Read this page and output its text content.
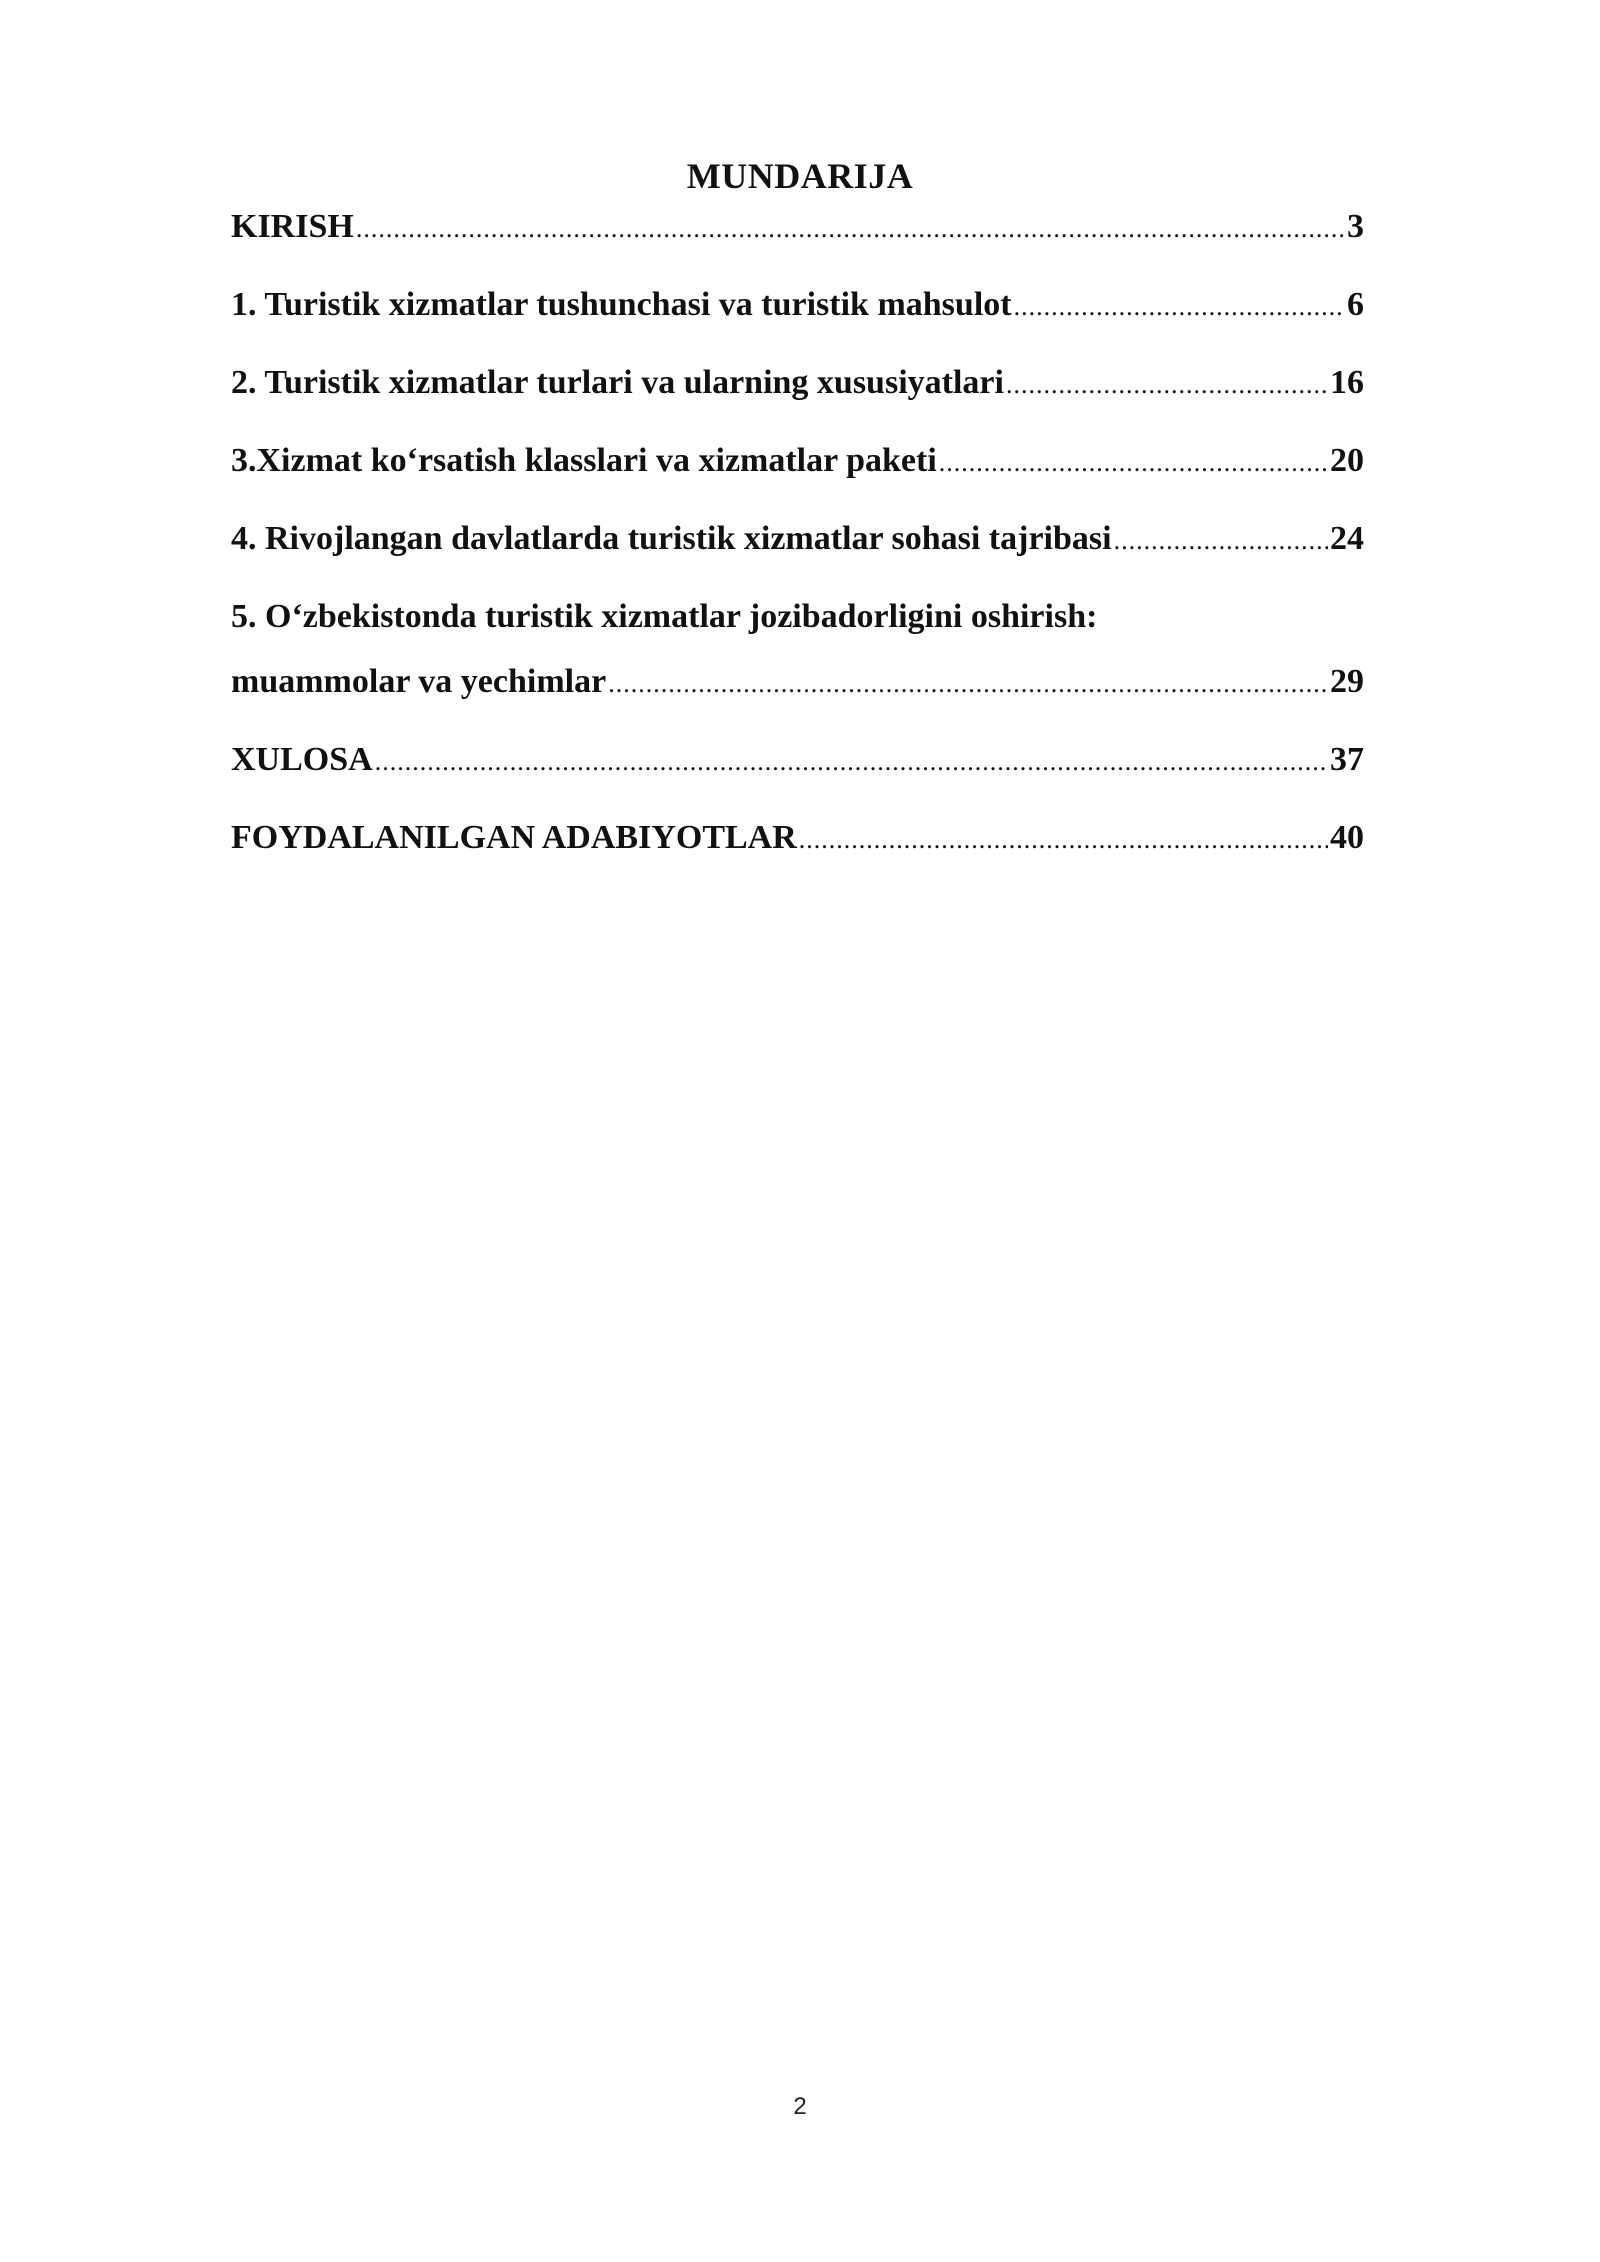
MUNDARIJA
KIRISH .....	3
1. Turistik xizmatlar tushunchasi va turistik mahsulot .....	6
2. Turistik xizmatlar turlari va ularning xususiyatlari .....	16
3.Xizmat ko‘rsatish klasslari va xizmatlar paketi .....	20
4. Rivojlangan davlatlarda turistik xizmatlar sohasi tajribasi .....	24
5. O‘zbekistonda turistik xizmatlar jozibadorligini oshirish:
muammolar va yechimlar .....	29
XULOSA .....	37
FOYDALANILGAN ADABIYOTLAR .....	40
2
